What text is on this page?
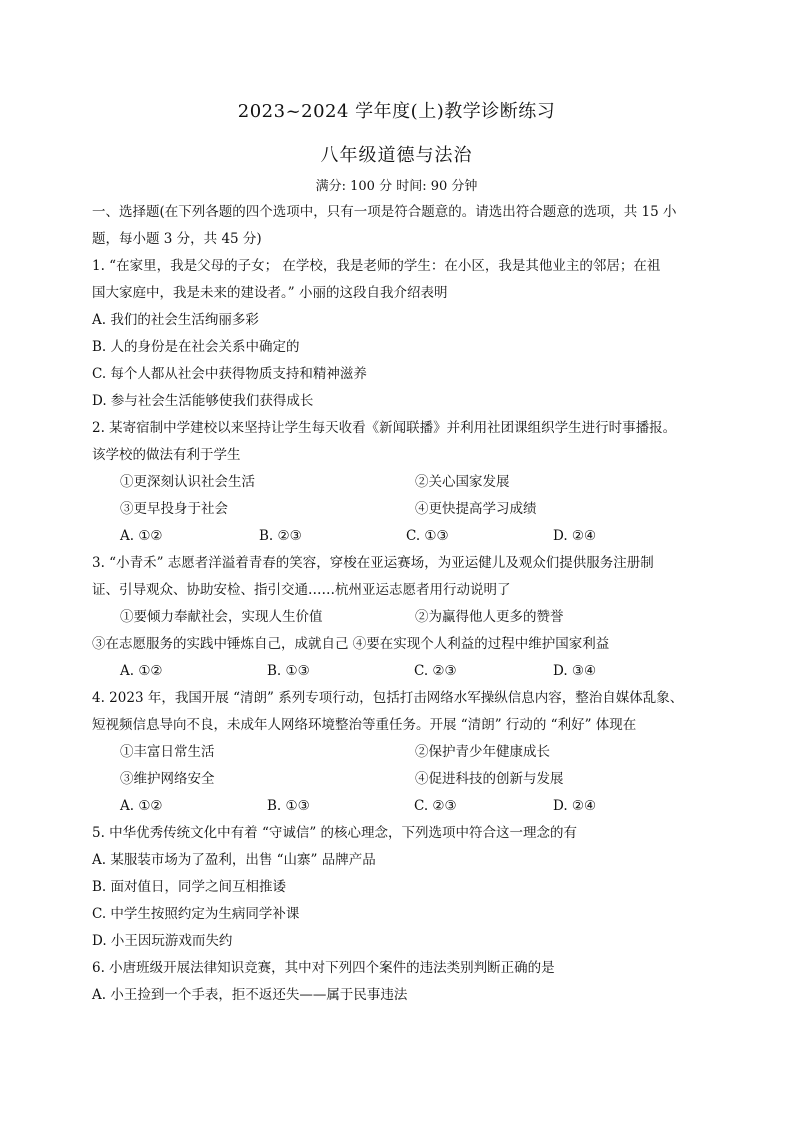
2023~2024 学年度(上)教学诊断练习
八年级道德与法治
满分: 100 分 时间: 90 分钟
一、选择题(在下列各题的四个选项中，只有一项是符合题意的。请选出符合题意的选项，共 15 小
题，每小题 3 分，共 45 分)
1. “在家里，我是父母的子女； 在学校，我是老师的学生：在小区，我是其他业主的邻居；在祖
国大家庭中，我是未来的建设者。” 小丽的这段自我介绍表明
A. 我们的社会生活绚丽多彩
B. 人的身份是在社会关系中确定的
C. 每个人都从社会中获得物质支持和精神滋养
D. 参与社会生活能够使我们获得成长
2. 某寄宿制中学建校以来坚持让学生每天收看《新闻联播》并利用社团课组织学生进行时事播报。
该学校的做法有利于学生
①更深刻认识社会生活	②关心国家发展
③更早投身于社会	④更快提高学习成绩
A. ①②	B. ②③	C. ①③	D. ②④
3. “小青禾” 志愿者洋溢着青春的笑容，穿梭在亚运赛场，为亚运健儿及观众们提供服务注册制
证、引导观众、协助安检、指引交通……杭州亚运志愿者用行动说明了
①要倾力奉献社会，实现人生价值	②为赢得他人更多的赞誉
③在志愿服务的实践中锤炼自己，成就自己 ④要在实现个人利益的过程中维护国家利益
A. ①②	B. ①③	C. ②③	D. ③④
4. 2023 年，我国开展 “清朗” 系列专项行动，包括打击网络水军操纵信息内容，整治自媒体乱象、
短视频信息导向不良，未成年人网络环境整治等重任务。开展 “清朗” 行动的 “利好” 体现在
①丰富日常生活	②保护青少年健康成长
③维护网络安全	④促进科技的创新与发展
A. ①②	B. ①③	C. ②③	D. ②④
5. 中华优秀传统文化中有着 “守诚信” 的核心理念，下列选项中符合这一理念的有
A. 某服装市场为了盈利，出售 “山寨” 品牌产品
B. 面对值日，同学之间互相推诿
C. 中学生按照约定为生病同学补课
D. 小王因玩游戏而失约
6. 小唐班级开展法律知识竞赛，其中对下列四个案件的违法类别判断正确的是
A. 小王捡到一个手表，拒不返还失——属于民事违法
